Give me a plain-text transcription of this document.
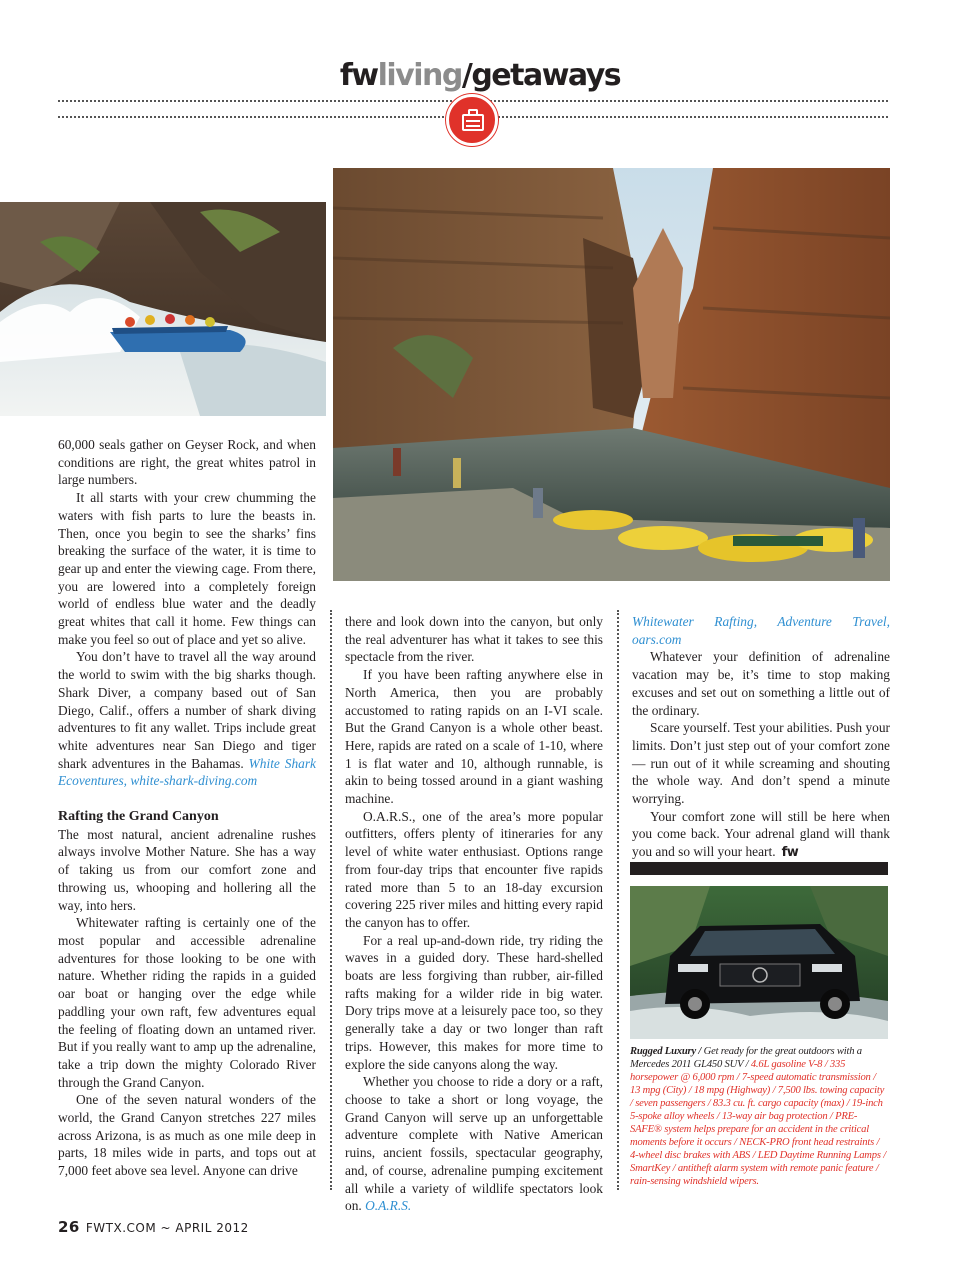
fwliving/getaways

60,000 seals gather on Geyser Rock, and when conditions are right, the great whites patrol in large numbers.

It all starts with your crew chumming the waters with fish parts to lure the beasts in. Then, once you begin to see the sharks’ fins breaking the surface of the water, it is time to gear up and enter the viewing cage. From there, you are lowered into a completely foreign world of endless blue water and the deadly great whites that call it home. Few things can make you feel so out of place and yet so alive.

You don’t have to travel all the way around the world to swim with the big sharks though. Shark Diver, a company based out of San Diego, Calif., offers a number of shark diving adventures to fit any wallet. Trips include great white adventures near San Diego and tiger shark adventures in the Bahamas. White Shark Ecoventures, white-shark-diving.com

Rafting the Grand Canyon

The most natural, ancient adrenaline rushes always involve Mother Nature. She has a way of taking us from our comfort zone and throwing us, whooping and hollering all the way, into hers.

Whitewater rafting is certainly one of the most popular and accessible adrenaline adventures for those looking to be one with nature. Whether riding the rapids in a guided oar boat or hanging over the edge while paddling your own raft, few adventures equal the feeling of floating down an untamed river. But if you really want to amp up the adrenaline, take a trip down the mighty Colorado River through the Grand Canyon.

One of the seven natural wonders of the world, the Grand Canyon stretches 227 miles across Arizona, is as much as one mile deep in parts, 18 miles wide in parts, and tops out at 7,000 feet above sea level. Anyone can drive

there and look down into the canyon, but only the real adventurer has what it takes to see this spectacle from the river.

If you have been rafting anywhere else in North America, then you are probably accustomed to rating rapids on an I-VI scale. But the Grand Canyon is a whole other beast. Here, rapids are rated on a scale of 1-10, where 1 is flat water and 10, although runnable, is akin to being tossed around in a giant washing machine.

O.A.R.S., one of the area’s more popular outfitters, offers plenty of itineraries for any level of white water enthusiast. Options range from four-day trips that encounter five rapids rated more than 5 to an 18-day excursion covering 225 river miles and hitting every rapid the canyon has to offer.

For a real up-and-down ride, try riding the waves in a guided dory. These hard-shelled boats are less forgiving than rubber, air-filled rafts making for a wilder ride in big water. Dory trips move at a leisurely pace too, so they generally take a day or two longer than raft trips. However, this makes for more time to explore the side canyons along the way.

Whether you choose to ride a dory or a raft, choose to take a short or long voyage, the Grand Canyon will serve up an unforgettable adventure complete with Native American ruins, ancient fossils, spectacular geography, and, of course, adrenaline pumping excitement all while a variety of wildlife spectators look on. O.A.R.S.

Whitewater Rafting, Adventure Travel, oars.com

Whatever your definition of adrenaline vacation may be, it’s time to stop making excuses and set out on something a little out of the ordinary.

Scare yourself. Test your abilities. Push your limits. Don’t just step out of your comfort zone — run out of it while screaming and shouting the whole way. And don’t spend a minute worrying.

Your comfort zone will still be here when you come back. Your adrenal gland will thank you and so will your heart. fw

Rugged Luxury / Get ready for the great outdoors with a Mercedes 2011 GL450 SUV / 4.6L gasoline V-8 / 335 horsepower @ 6,000 rpm / 7-speed automatic transmission / 13 mpg (City) / 18 mpg (Highway) / 7,500 lbs. towing capacity / seven passengers / 83.3 cu. ft. cargo capacity (max) / 19-inch 5-spoke alloy wheels / 13-way air bag protection / PRE-SAFE® system helps prepare for an accident in the critical moments before it occurs / NECK-PRO front head restraints / 4-wheel disc brakes with ABS / LED Daytime Running Lamps / SmartKey / antitheft alarm system with remote panic feature / rain-sensing windshield wipers.
26 FWTX.COM ~ APRIL 2012
